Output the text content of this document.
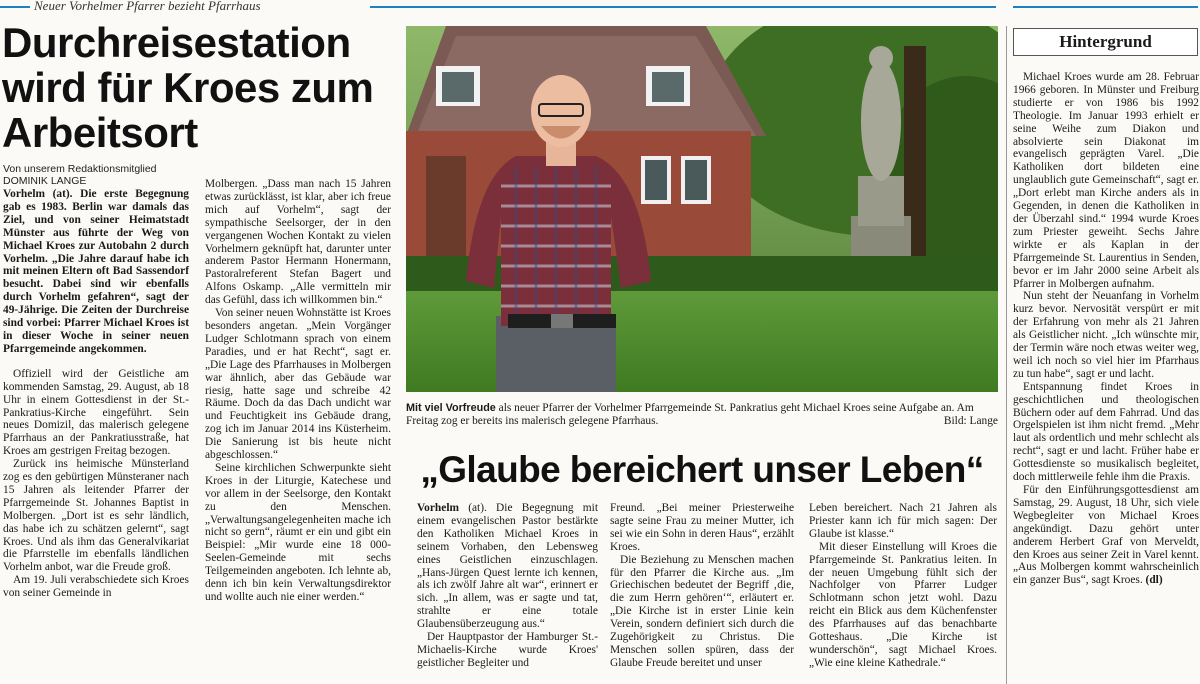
Neuer Vorhelmer Pfarrer bezieht Pfarrhaus
Durchreisestation wird für Kroes zum Arbeitsort
Von unserem Redaktionsmitglied
DOMINIK LANGE

Vorhelm (at). Die erste Begegnung gab es 1983. Berlin war damals das Ziel, und von seiner Heimatstadt Münster aus führte der Weg von Michael Kroes zur Autobahn 2 durch Vorhelm. „Die Jahre darauf habe ich mit meinen Eltern oft Bad Sassendorf besucht. Dabei sind wir ebenfalls durch Vorhelm gefahren“, sagt der 49-Jährige. Die Zeiten der Durchreise sind vorbei: Pfarrer Michael Kroes ist in dieser Woche in seiner neuen Pfarrgemeinde angekommen.

Offiziell wird der Geistliche am kommenden Samstag, 29. August, ab 18 Uhr in einem Gottesdienst in der St.-Pankratius-Kirche eingeführt. Sein neues Domizil, das malerisch gelegene Pfarrhaus an der Pankratiusstraße, hat Kroes am gestrigen Freitag bezogen.

Zurück ins heimische Münsterland zog es den gebürtigen Münsteraner nach 15 Jahren als leitender Pfarrer der Pfarrgemeinde St. Johannes Baptist in Molbergen. „Dort ist es sehr ländlich, das habe ich zu schätzen gelernt“, sagt Kroes. Und als ihm das Generalvikariat die Pfarrstelle im ebenfalls ländlichen Vorhelm anbot, war die Freude groß.

Am 19. Juli verabschiedete sich Kroes von seiner Gemeinde in

Molbergen. „Dass man nach 15 Jahren etwas zurücklässt, ist klar, aber ich freue mich auf Vorhelm“, sagt der sympathische Seelsorger, der in den vergangenen Wochen Kontakt zu vielen Vorhelmern geknüpft hat, darunter unter anderem Pastor Hermann Honermann, Pastoralreferent Stefan Bagert und Alfons Oskamp. „Alle vermitteln mir das Gefühl, dass ich willkommen bin.“

Von seiner neuen Wohnstätte ist Kroes besonders angetan. „Mein Vorgänger Ludger Schlotmann sprach von einem Paradies, und er hat Recht“, sagt er. „Die Lage des Pfarrhauses in Molbergen war ähnlich, aber das Gebäude war riesig, hatte sage und schreibe 42 Räume. Doch da das Dach undicht war und Feuchtigkeit ins Gebäude drang, zog ich im Januar 2014 ins Küsterheim. Die Sanierung ist bis heute nicht abgeschlossen.“

Seine kirchlichen Schwerpunkte sieht Kroes in der Liturgie, Katechese und vor allem in der Seelsorge, den Kontakt zu den Menschen. „Verwaltungsangelegenheiten mache ich nicht so gern“, räumt er ein und gibt ein Beispiel: „Mir wurde eine 18 000-Seelen-Gemeinde mit sechs Teilgemeinden angeboten. Ich lehnte ab, denn ich bin kein Verwaltungsdirektor und wollte auch nie einer werden.“

Mit viel Vorfreude als neuer Pfarrer der Vorhelmer Pfarrgemeinde St. Pankratius geht Michael Kroes seine Aufgabe an. Am Freitag zog er bereits ins malerisch gelegene Pfarrhaus.	Bild: Lange
„Glaube bereichert unser Leben“

Vorhelm (at). Die Begegnung mit einem evangelischen Pastor bestärkte den Katholiken Michael Kroes in seinem Vorhaben, den Lebensweg eines Geistlichen einzuschlagen. „Hans-Jürgen Quest lernte ich kennen, als ich zwölf Jahre alt war“, erinnert er sich. „In allem, was er sagte und tat, strahlte er eine totale Glaubensüberzeugung aus.“

Der Hauptpastor der Hamburger St.-Michaelis-Kirche wurde Kroes' geistlicher Begleiter und

Freund. „Bei meiner Priesterweihe sagte seine Frau zu meiner Mutter, ich sei wie ein Sohn in deren Haus“, erzählt Kroes.

Die Beziehung zu Menschen machen für den Pfarrer die Kirche aus. „Im Griechischen bedeutet der Begriff ‚die, die zum Herrn gehören‘“, erläutert er. „Die Kirche ist in erster Linie kein Verein, sondern definiert sich durch die Zugehörigkeit zu Christus. Die Menschen sollen spüren, dass der Glaube Freude bereitet und unser

Leben bereichert. Nach 21 Jahren als Priester kann ich für mich sagen: Der Glaube ist klasse.“

Mit dieser Einstellung will Kroes die Pfarrgemeinde St. Pankratius leiten. In der neuen Umgebung fühlt sich der Nachfolger von Pfarrer Ludger Schlotmann schon jetzt wohl. Dazu reicht ein Blick aus dem Küchenfenster des Pfarrhauses auf das benachbarte Gotteshaus. „Die Kirche ist wunderschön“, sagt Michael Kroes. „Wie eine kleine Kathedrale.“

Hintergrund

Michael Kroes wurde am 28. Februar 1966 geboren. In Münster und Freiburg studierte er von 1986 bis 1992 Theologie. Im Januar 1993 erhielt er seine Weihe zum Diakon und absolvierte sein Diakonat im evangelisch geprägten Varel. „Die Katholiken dort bildeten eine unglaublich gute Gemeinschaft“, sagt er. „Dort erlebt man Kirche anders als in Gegenden, in denen die Katholiken in der Überzahl sind.“ 1994 wurde Kroes zum Priester geweiht. Sechs Jahre wirkte er als Kaplan in der Pfarrgemeinde St. Laurentius in Senden, bevor er im Jahr 2000 seine Arbeit als Pfarrer in Molbergen aufnahm.

Nun steht der Neuanfang in Vorhelm kurz bevor. Nervosität verspürt er mit der Erfahrung von mehr als 21 Jahren als Geistlicher nicht. „Ich wünschte mir, der Termin wäre noch etwas weiter weg, weil ich noch so viel hier im Pfarrhaus zu tun habe“, sagt er und lacht.

Entspannung findet Kroes in geschichtlichen und theologischen Büchern oder auf dem Fahrrad. Und das Orgelspielen ist ihm nicht fremd. „Mehr laut als ordentlich und mehr schlecht als recht“, sagt er und lacht. Früher habe er Gottesdienste so musikalisch begleitet, doch mittlerweile fehle ihm die Praxis.

Für den Einführungsgottesdienst am Samstag, 29. August, 18 Uhr, sich viele Wegbegleiter von Michael Kroes angekündigt. Dazu gehört unter anderem Herbert Graf von Merveldt, den Kroes aus seiner Zeit in Varel kennt. „Aus Molbergen kommt wahrscheinlich ein ganzer Bus“, sagt Kroes. (dl)
